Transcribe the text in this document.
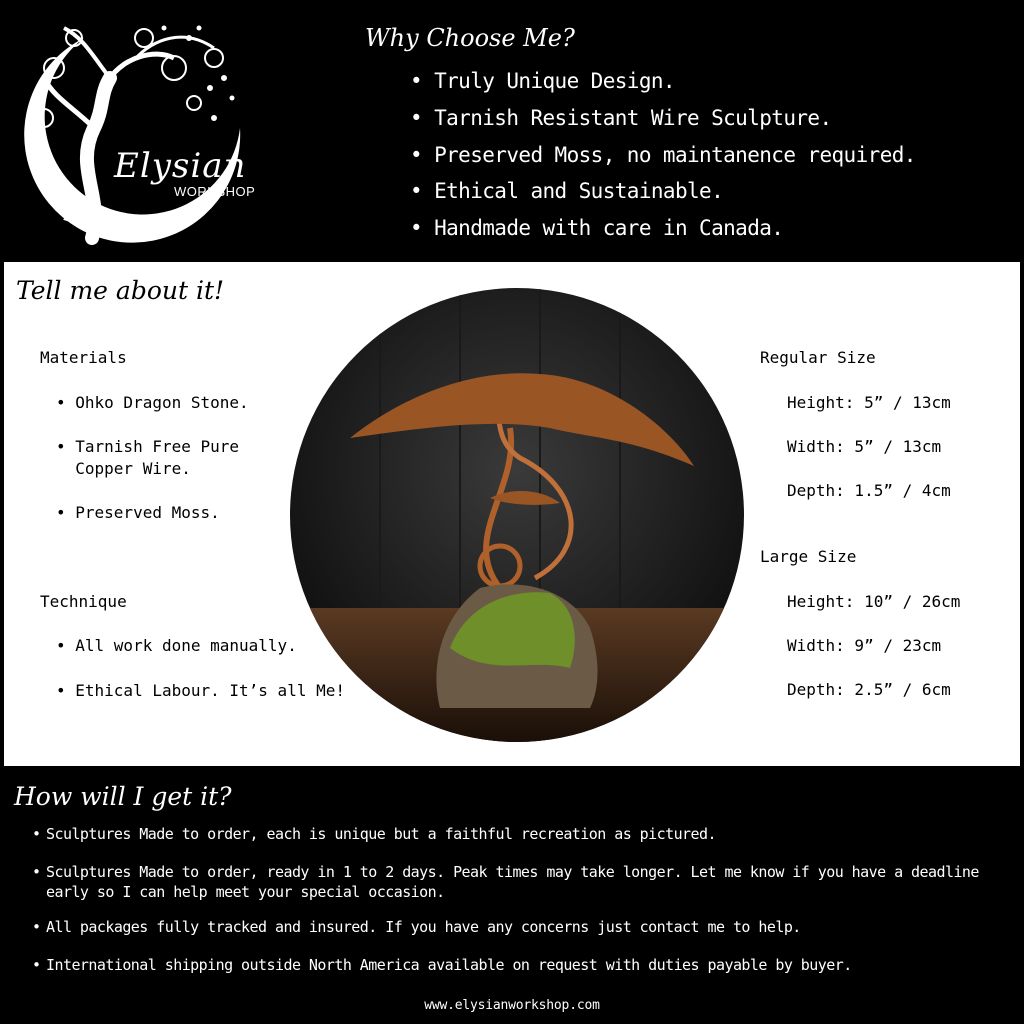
Elysian
WORKSHOP
Why Choose Me?
• Truly Unique Design.
• Tarnish Resistant Wire Sculpture.
• Preserved Moss, no maintanence required.
• Ethical and Sustainable.
• Handmade with care in Canada.
Tell me about it!
Materials
• Ohko Dragon Stone.
• Tarnish Free Pure
Copper Wire.
• Preserved Moss.
Technique
• All work done manually.
• Ethical Labour. It’s all Me!
Regular Size
Height: 5” / 13cm
Width: 5” / 13cm
Depth: 1.5” / 4cm
Large Size
Height: 10” / 26cm
Width: 9” / 23cm
Depth: 2.5” / 6cm
How will I get it?
• Sculptures Made to order, each is unique but a faithful recreation as pictured.
• Sculptures Made to order, ready in 1 to 2 days. Peak times may take longer. Let me know if you have a deadline early so I can help meet your special occasion.
• All packages fully tracked and insured. If you have any concerns just contact me to help.
• International shipping outside North America available on request with duties payable by buyer.
www.elysianworkshop.com
